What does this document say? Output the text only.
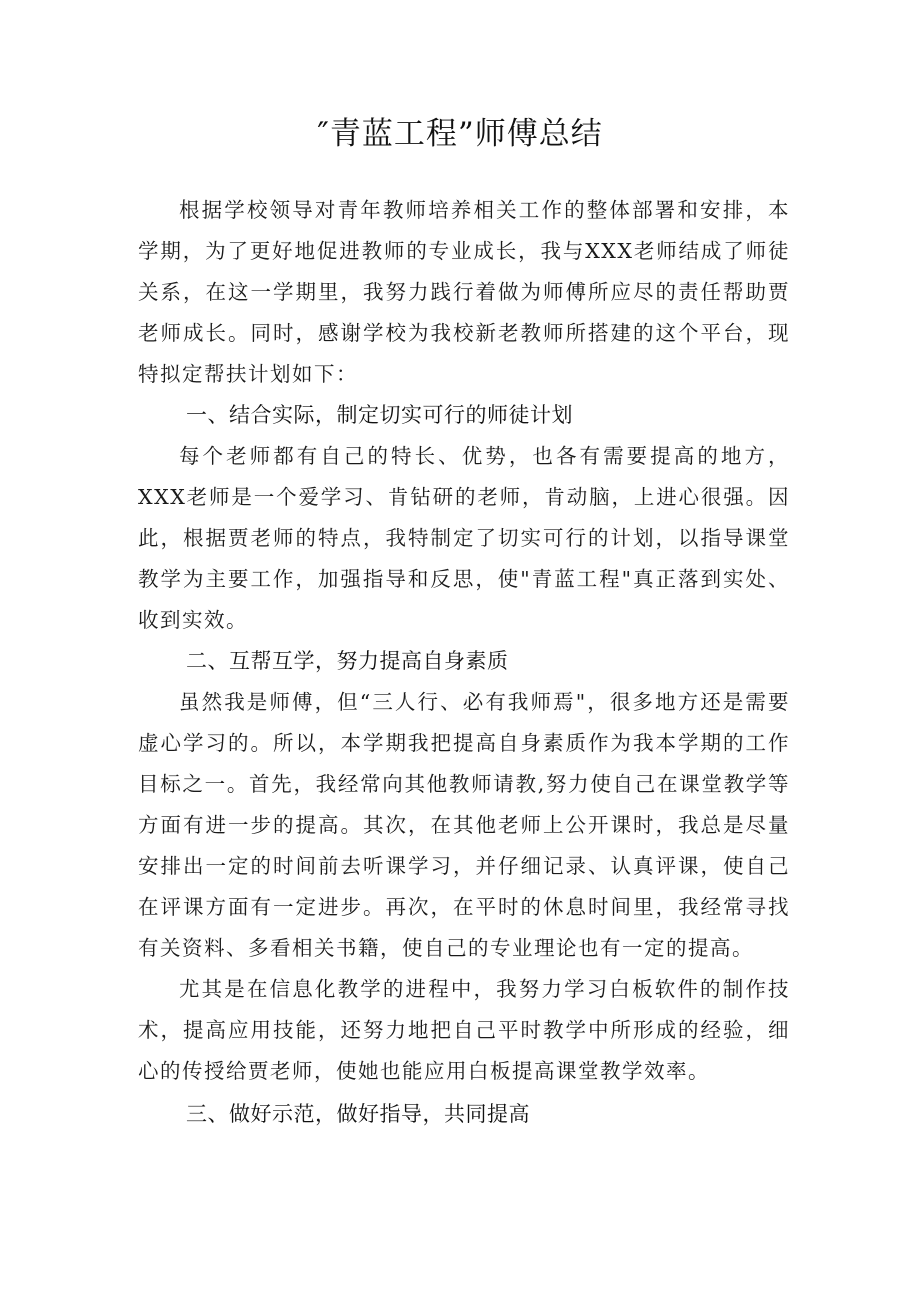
″青蓝工程”师傅总结

根据学校领导对青年教师培养相关工作的整体部署和安排，本学期，为了更好地促进教师的专业成长，我与XXX老师结成了师徒关系，在这一学期里，我努力践行着做为师傅所应尽的责任帮助贾老师成长。同时，感谢学校为我校新老教师所搭建的这个平台，现特拟定帮扶计划如下：

一、结合实际，制定切实可行的师徒计划

每个老师都有自己的特长、优势，也各有需要提高的地方，XXX老师是一个爱学习、肯钻研的老师，肯动脑，上进心很强。因此，根据贾老师的特点，我特制定了切实可行的计划，以指导课堂教学为主要工作，加强指导和反思，使"青蓝工程"真正落到实处、收到实效。

二、互帮互学，努力提高自身素质

虽然我是师傅，但“三人行、必有我师焉"，很多地方还是需要虚心学习的。所以，本学期我把提高自身素质作为我本学期的工作目标之一。首先，我经常向其他教师请教,努力使自己在课堂教学等方面有进一步的提高。其次，在其他老师上公开课时，我总是尽量安排出一定的时间前去听课学习，并仔细记录、认真评课，使自己在评课方面有一定进步。再次，在平时的休息时间里，我经常寻找有关资料、多看相关书籍，使自己的专业理论也有一定的提高。

尤其是在信息化教学的进程中，我努力学习白板软件的制作技术，提高应用技能，还努力地把自己平时教学中所形成的经验，细心的传授给贾老师，使她也能应用白板提高课堂教学效率。

三、做好示范，做好指导，共同提高
